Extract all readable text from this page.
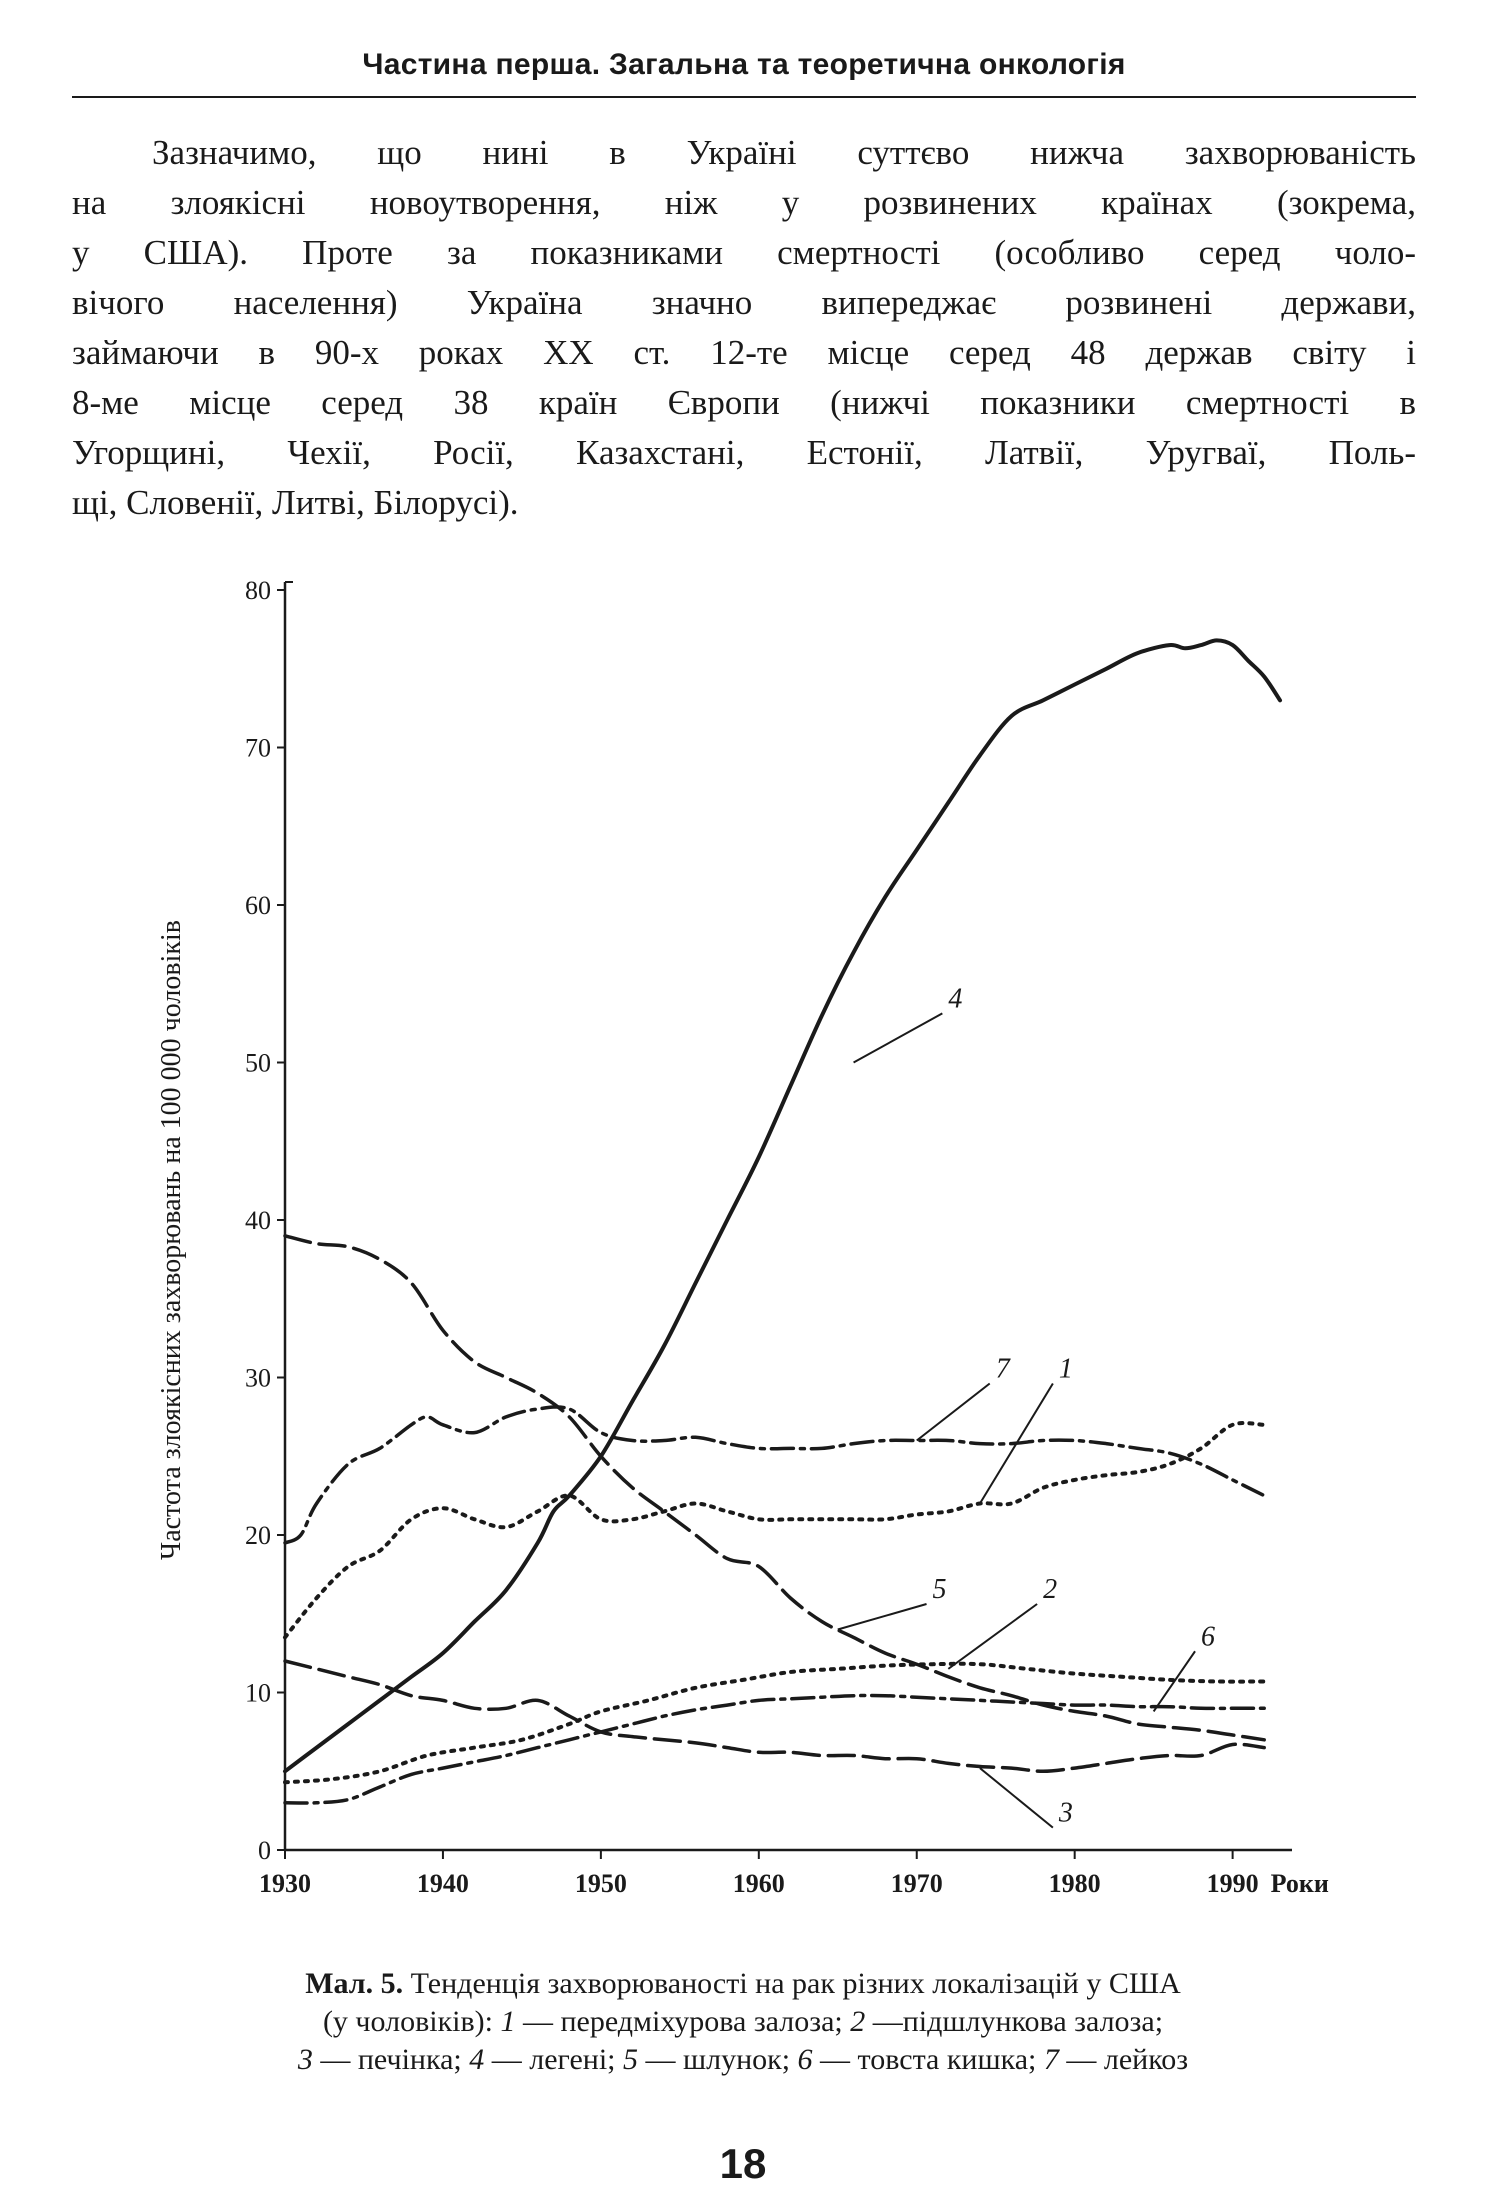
Частина перша. Загальна та теоретична онкологія
Зазначимо, що нині в Україні суттєво нижча захворюваність
на злоякісні новоутворення, ніж у розвинених країнах (зокрема,
у США). Проте за показниками смертності (особливо серед чоло-
вічого населення) Україна значно випереджає розвинені держави,
займаючи в 90-х роках XX ст. 12-те місце серед 48 держав світу і
8-ме місце серед 38 країн Європи (нижчі показники смертності в
Угорщині, Чехії, Росії, Казахстані, Естонії, Латвії, Уругваї, Поль-
щі, Словенії, Литві, Білорусі).
0
10
20
30
40
50
60
70
80
1930	1940	1950	1960	1970	1980	1990 Роки
1
2
3
4
5
6
7
Частота злоякісних захворювань на 100 000 чоловіків
Мал. 5. Тенденція захворюваності на рак різних локалізацій у США
(у чоловіків): 1 — передміхурова залоза; 2 —підшлункова залоза;
3 — печінка; 4 — легені; 5 — шлунок; 6 — товста кишка; 7 — лейкоз
18
